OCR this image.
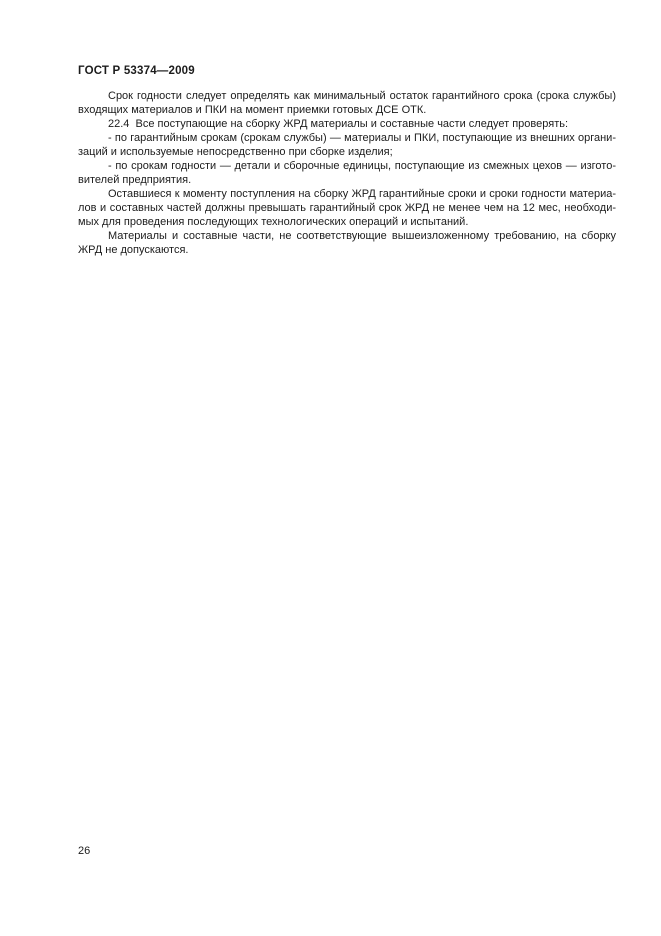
ГОСТ Р 53374—2009
Срок годности следует определять как минимальный остаток гарантийного срока (срока службы)
входящих материалов и ПКИ на момент приемки готовых ДСЕ ОТК.
22.4  Все поступающие на сборку ЖРД материалы и составные части следует проверять:
- по гарантийным срокам (срокам службы) — материалы и ПКИ, поступающие из внешних органи-
заций и используемые непосредственно при сборке изделия;
- по срокам годности — детали и сборочные единицы, поступающие из смежных цехов — изгото-
вителей предприятия.
Оставшиеся к моменту поступления на сборку ЖРД гарантийные сроки и сроки годности материа-
лов и составных частей должны превышать гарантийный срок ЖРД не менее чем на 12 мес, необходи-
мых для проведения последующих технологических операций и испытаний.
Материалы и составные части, не соответствующие вышеизложенному требованию, на сборку
ЖРД не допускаются.
26
